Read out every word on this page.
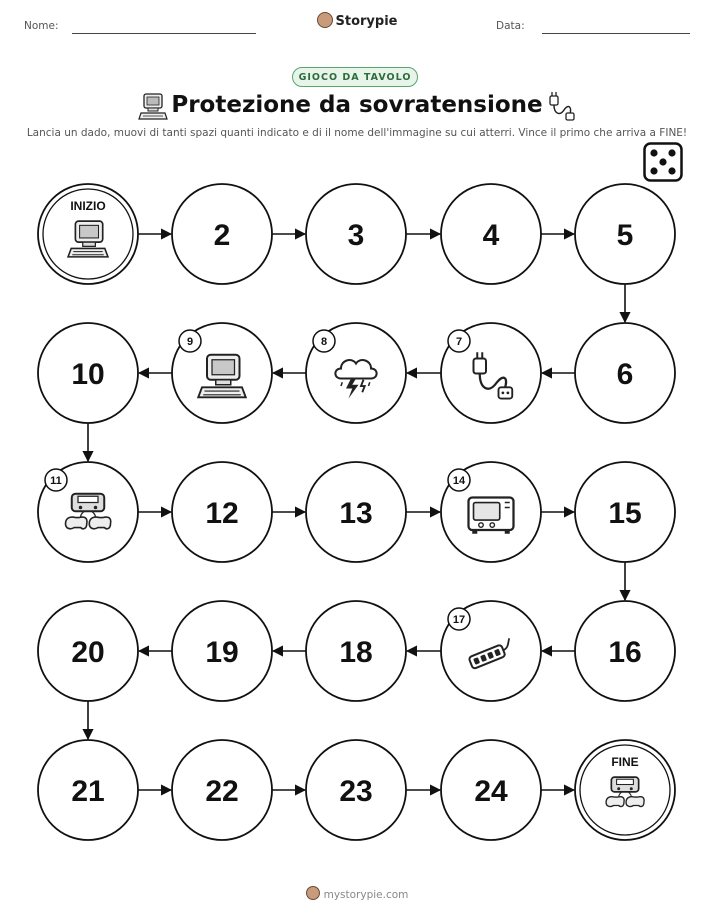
Nome:	Storypie	Data:
GIOCO DA TAVOLO
Protezione da sovratensione
Lancia un dado, muovi di tanti spazi quanti indicato e di il nome dell'immagine su cui atterri. Vince il primo che arriva a FINE!
INIZIO
2	3	4	5
6
7
8
9
10
11
12	13
14
15
16
17
18
19
20
21	22	23	24
FINE
mystorypie.com
